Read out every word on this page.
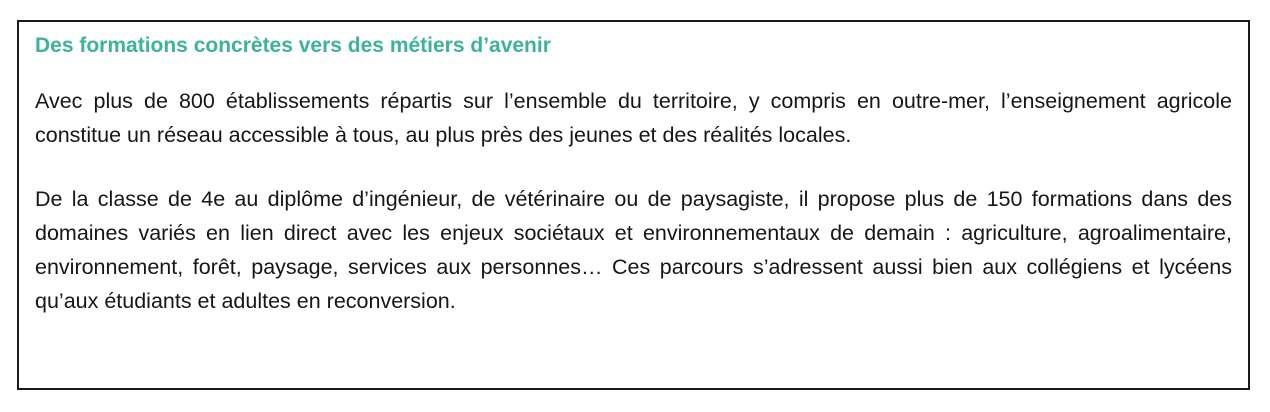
Des formations concrètes vers des métiers d’avenir

Avec plus de 800 établissements répartis sur l’ensemble du territoire, y compris en outre-mer, l’enseignement agricole constitue un réseau accessible à tous, au plus près des jeunes et des réalités locales.

De la classe de 4e au diplôme d’ingénieur, de vétérinaire ou de paysagiste, il propose plus de 150 formations dans des domaines variés en lien direct avec les enjeux sociétaux et environnementaux de demain : agriculture, agroalimentaire, environnement, forêt, paysage, services aux personnes… Ces parcours s’adressent aussi bien aux collégiens et lycéens qu’aux étudiants et adultes en reconversion.
